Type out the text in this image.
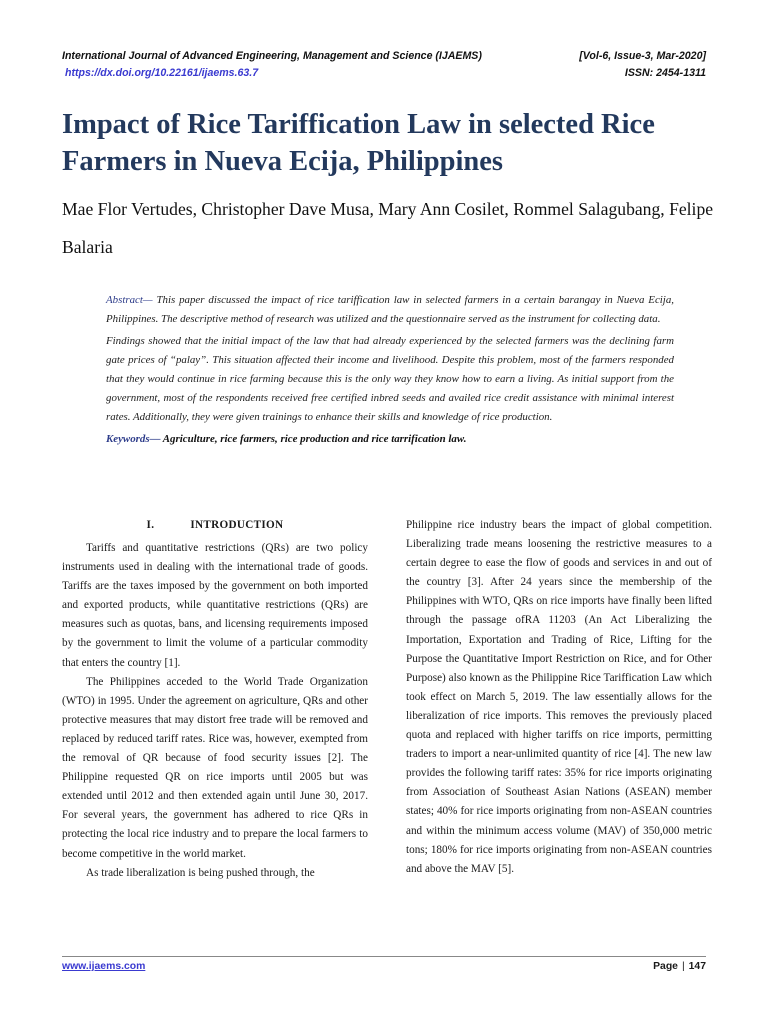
International Journal of Advanced Engineering, Management and Science (IJAEMS)	[Vol-6, Issue-3, Mar-2020]
https://dx.doi.org/10.22161/ijaems.63.7	ISSN: 2454-1311
Impact of Rice Tariffication Law in selected Rice Farmers in Nueva Ecija, Philippines
Mae Flor Vertudes, Christopher Dave Musa, Mary Ann Cosilet, Rommel Salagubang, Felipe Balaria

Abstract— This paper discussed the impact of rice tariffication law in selected farmers in a certain barangay in Nueva Ecija, Philippines. The descriptive method of research was utilized and the questionnaire served as the instrument for collecting data.

Findings showed that the initial impact of the law that had already experienced by the selected farmers was the declining farm gate prices of “palay”. This situation affected their income and livelihood. Despite this problem, most of the farmers responded that they would continue in rice farming because this is the only way they know how to earn a living. As initial support from the government, most of the respondents received free certified inbred seeds and availed rice credit assistance with minimal interest rates. Additionally, they were given trainings to enhance their skills and knowledge of rice production.

Keywords— Agriculture, rice farmers, rice production and rice tarrification law.

I.	INTRODUCTION

Tariffs and quantitative restrictions (QRs) are two policy instruments used in dealing with the international trade of goods. Tariffs are the taxes imposed by the government on both imported and exported products, while quantitative restrictions (QRs) are measures such as quotas, bans, and licensing requirements imposed by the government to limit the volume of a particular commodity that enters the country [1].

The Philippines acceded to the World Trade Organization (WTO) in 1995. Under the agreement on agriculture, QRs and other protective measures that may distort free trade will be removed and replaced by reduced tariff rates. Rice was, however, exempted from the removal of QR because of food security issues [2]. The Philippine requested QR on rice imports until 2005 but was extended until 2012 and then extended again until June 30, 2017. For several years, the government has adhered to rice QRs in protecting the local rice industry and to prepare the local farmers to become competitive in the world market.

As trade liberalization is being pushed through, the

Philippine rice industry bears the impact of global competition. Liberalizing trade means loosening the restrictive measures to a certain degree to ease the flow of goods and services in and out of the country [3]. After 24 years since the membership of the Philippines with WTO, QRs on rice imports have finally been lifted through the passage ofRA 11203 (An Act Liberalizing the Importation, Exportation and Trading of Rice, Lifting for the Purpose the Quantitative Import Restriction on Rice, and for Other Purpose) also known as the Philippine Rice Tariffication Law which took effect on March 5, 2019. The law essentially allows for the liberalization of rice imports. This removes the previously placed quota and replaced with higher tariffs on rice imports, permitting traders to import a near-unlimited quantity of rice [4]. The new law provides the following tariff rates: 35% for rice imports originating from Association of Southeast Asian Nations (ASEAN) member states; 40% for rice imports originating from non-ASEAN countries and within the minimum access volume (MAV) of 350,000 metric tons; 180% for rice imports originating from non-ASEAN countries and above the MAV [5].

www.ijaems.com	Page | 147
